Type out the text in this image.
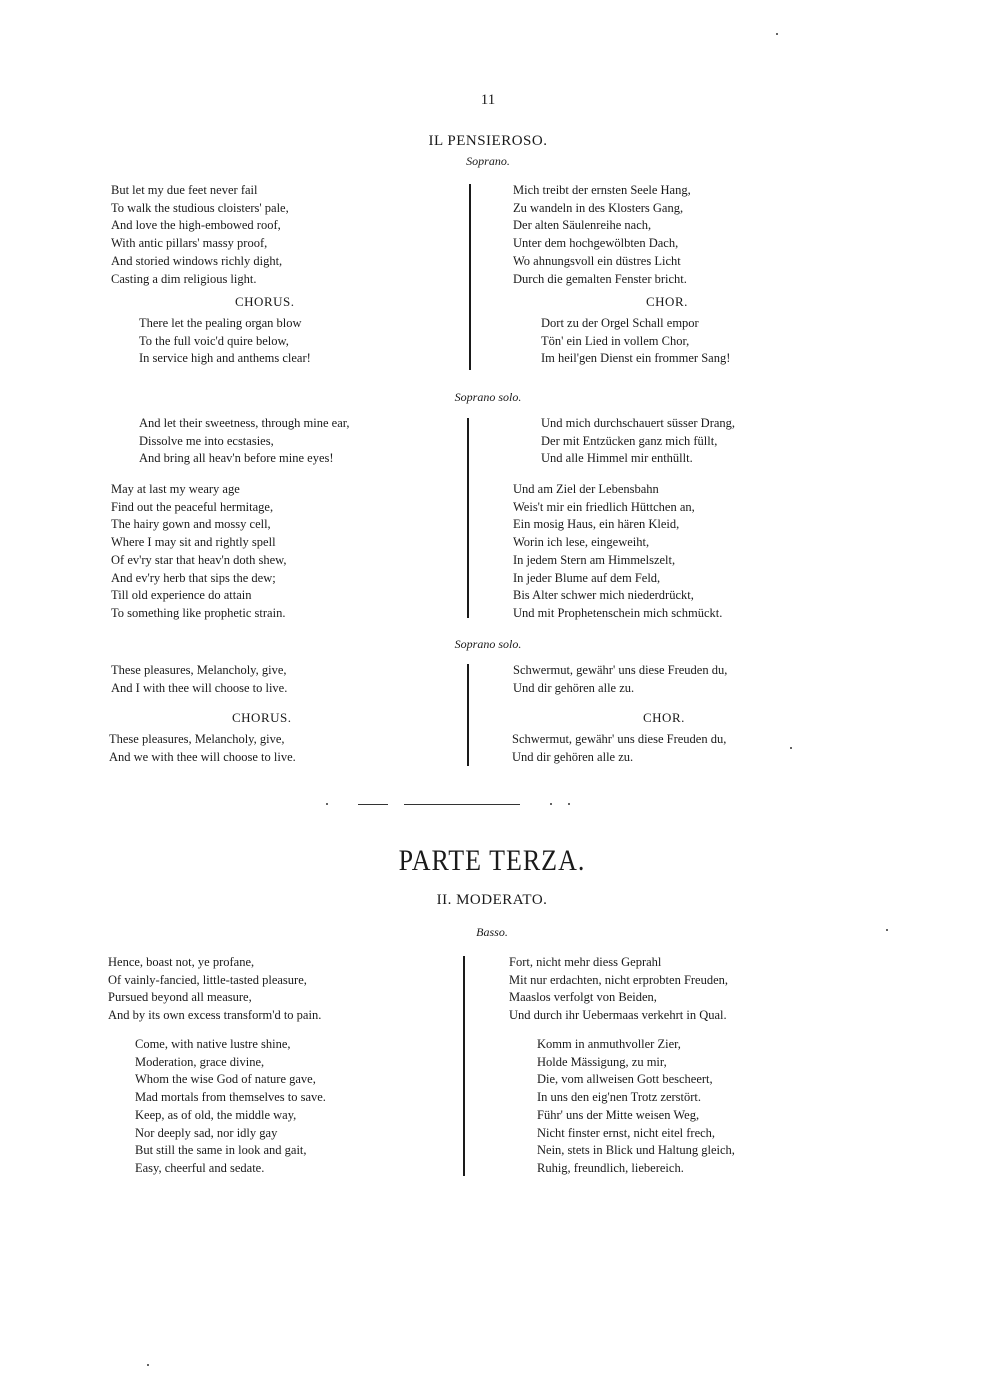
11
IL PENSIEROSO.
Soprano.
But let my due feet never fail
To walk the studious cloisters' pale,
And love the high-embowed roof,
With antic pillars' massy proof,
And storied windows richly dight,
Casting a dim religious light.
Mich treibt der ernsten Seele Hang,
Zu wandeln in des Klosters Gang,
Der alten Säulenreihe nach,
Unter dem hochgewölbten Dach,
Wo ahnungsvoll ein düstres Licht
Durch die gemalten Fenster bricht.
CHORUS.	CHOR.
There let the pealing organ blow
To the full voic'd quire below,
In service high and anthems clear!
Dort zu der Orgel Schall empor
Tön' ein Lied in vollem Chor,
Im heil'gen Dienst ein frommer Sang!
Soprano solo.
And let their sweetness, through mine ear,
Dissolve me into ecstasies,
And bring all heav'n before mine eyes!
Und mich durchschauert süsser Drang,
Der mit Entzücken ganz mich füllt,
Und alle Himmel mir enthüllt.
May at last my weary age
Find out the peaceful hermitage,
The hairy gown and mossy cell,
Where I may sit and rightly spell
Of ev'ry star that heav'n doth shew,
And ev'ry herb that sips the dew;
Till old experience do attain
To something like prophetic strain.
Und am Ziel der Lebensbahn
Weis't mir ein friedlich Hüttchen an,
Ein mosig Haus, ein hären Kleid,
Worin ich lese, eingeweiht,
In jedem Stern am Himmelszelt,
In jeder Blume auf dem Feld,
Bis Alter schwer mich niederdrückt,
Und mit Prophetenschein mich schmückt.
Soprano solo.
These pleasures, Melancholy, give,
And I with thee will choose to live.
Schwermut, gewähr' uns diese Freuden du,
Und dir gehören alle zu.
CHORUS.	CHOR.
These pleasures, Melancholy, give,
And we with thee will choose to live.
Schwermut, gewähr' uns diese Freuden du,
Und dir gehören alle zu.
PARTE TERZA.
II. MODERATO.
Basso.
Hence, boast not, ye profane,
Of vainly-fancied, little-tasted pleasure,
Pursued beyond all measure,
And by its own excess transform'd to pain.
Fort, nicht mehr diess Geprahl
Mit nur erdachten, nicht erprobten Freuden,
Maaslos verfolgt von Beiden,
Und durch ihr Uebermaas verkehrt in Qual.
Come, with native lustre shine,
Moderation, grace divine,
Whom the wise God of nature gave,
Mad mortals from themselves to save.
Keep, as of old, the middle way,
Nor deeply sad, nor idly gay
But still the same in look and gait,
Easy, cheerful and sedate.
Komm in anmuthvoller Zier,
Holde Mässigung, zu mir,
Die, vom allweisen Gott bescheert,
In uns den eig'nen Trotz zerstört.
Führ' uns der Mitte weisen Weg,
Nicht finster ernst, nicht eitel frech,
Nein, stets in Blick und Haltung gleich,
Ruhig, freundlich, liebereich.
